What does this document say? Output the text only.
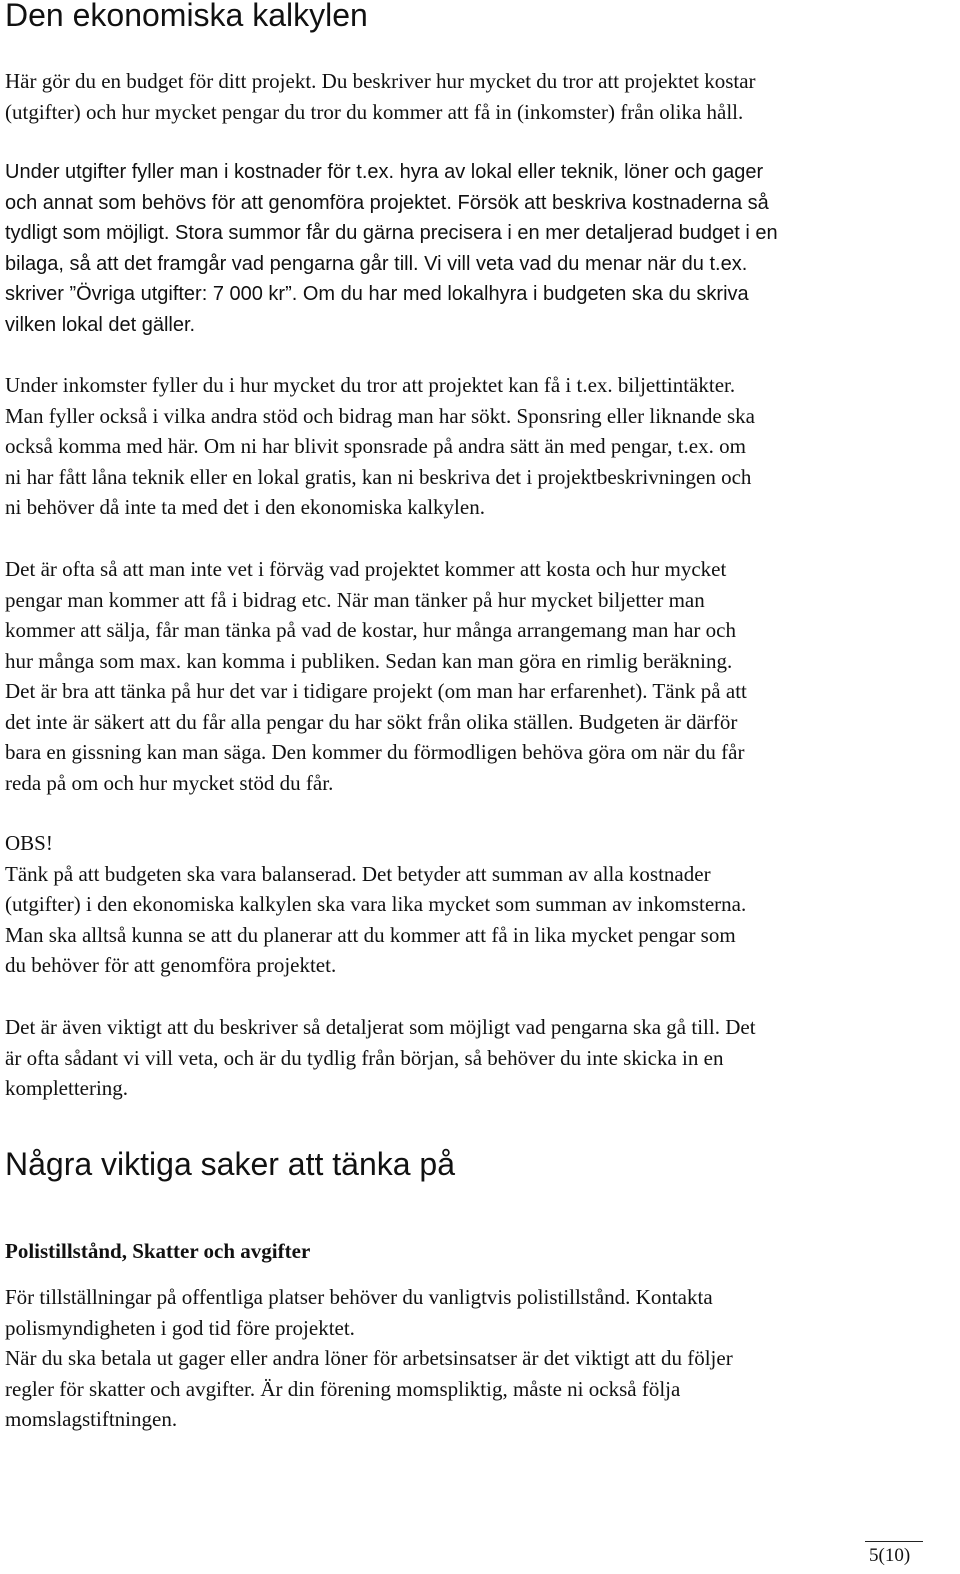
Den ekonomiska kalkylen

Här gör du en budget för ditt projekt. Du beskriver hur mycket du tror att projektet kostar
(utgifter) och hur mycket pengar du tror du kommer att få in (inkomster) från olika håll.

Under utgifter fyller man i kostnader för t.ex. hyra av lokal eller teknik, löner och gager
och annat som behövs för att genomföra projektet. Försök att beskriva kostnaderna så
tydligt som möjligt. Stora summor får du gärna precisera i en mer detaljerad budget i en
bilaga, så att det framgår vad pengarna går till. Vi vill veta vad du menar när du t.ex.
skriver ”Övriga utgifter: 7 000 kr”. Om du har med lokalhyra i budgeten ska du skriva
vilken lokal det gäller.

Under inkomster fyller du i hur mycket du tror att projektet kan få i t.ex. biljettintäkter.
Man fyller också i vilka andra stöd och bidrag man har sökt. Sponsring eller liknande ska
också komma med här. Om ni har blivit sponsrade på andra sätt än med pengar, t.ex. om
ni har fått låna teknik eller en lokal gratis, kan ni beskriva det i projektbeskrivningen och
ni behöver då inte ta med det i den ekonomiska kalkylen.

Det är ofta så att man inte vet i förväg vad projektet kommer att kosta och hur mycket
pengar man kommer att få i bidrag etc. När man tänker på hur mycket biljetter man
kommer att sälja, får man tänka på vad de kostar, hur många arrangemang man har och
hur många som max. kan komma i publiken. Sedan kan man göra en rimlig beräkning.
Det är bra att tänka på hur det var i tidigare projekt (om man har erfarenhet). Tänk på att
det inte är säkert att du får alla pengar du har sökt från olika ställen. Budgeten är därför
bara en gissning kan man säga. Den kommer du förmodligen behöva göra om när du får
reda på om och hur mycket stöd du får.

OBS!
Tänk på att budgeten ska vara balanserad. Det betyder att summan av alla kostnader
(utgifter) i den ekonomiska kalkylen ska vara lika mycket som summan av inkomsterna.
Man ska alltså kunna se att du planerar att du kommer att få in lika mycket pengar som
du behöver för att genomföra projektet.

Det är även viktigt att du beskriver så detaljerat som möjligt vad pengarna ska gå till. Det
är ofta sådant vi vill veta, och är du tydlig från början, så behöver du inte skicka in en
komplettering.

Några viktiga saker att tänka på
Polistillstånd, Skatter och avgifter

För tillställningar på offentliga platser behöver du vanligtvis polistillstånd. Kontakta
polismyndigheten i god tid före projektet.
När du ska betala ut gager eller andra löner för arbetsinsatser är det viktigt att du följer
regler för skatter och avgifter. Är din förening momspliktig, måste ni också följa
momslagstiftningen.

5(10)
